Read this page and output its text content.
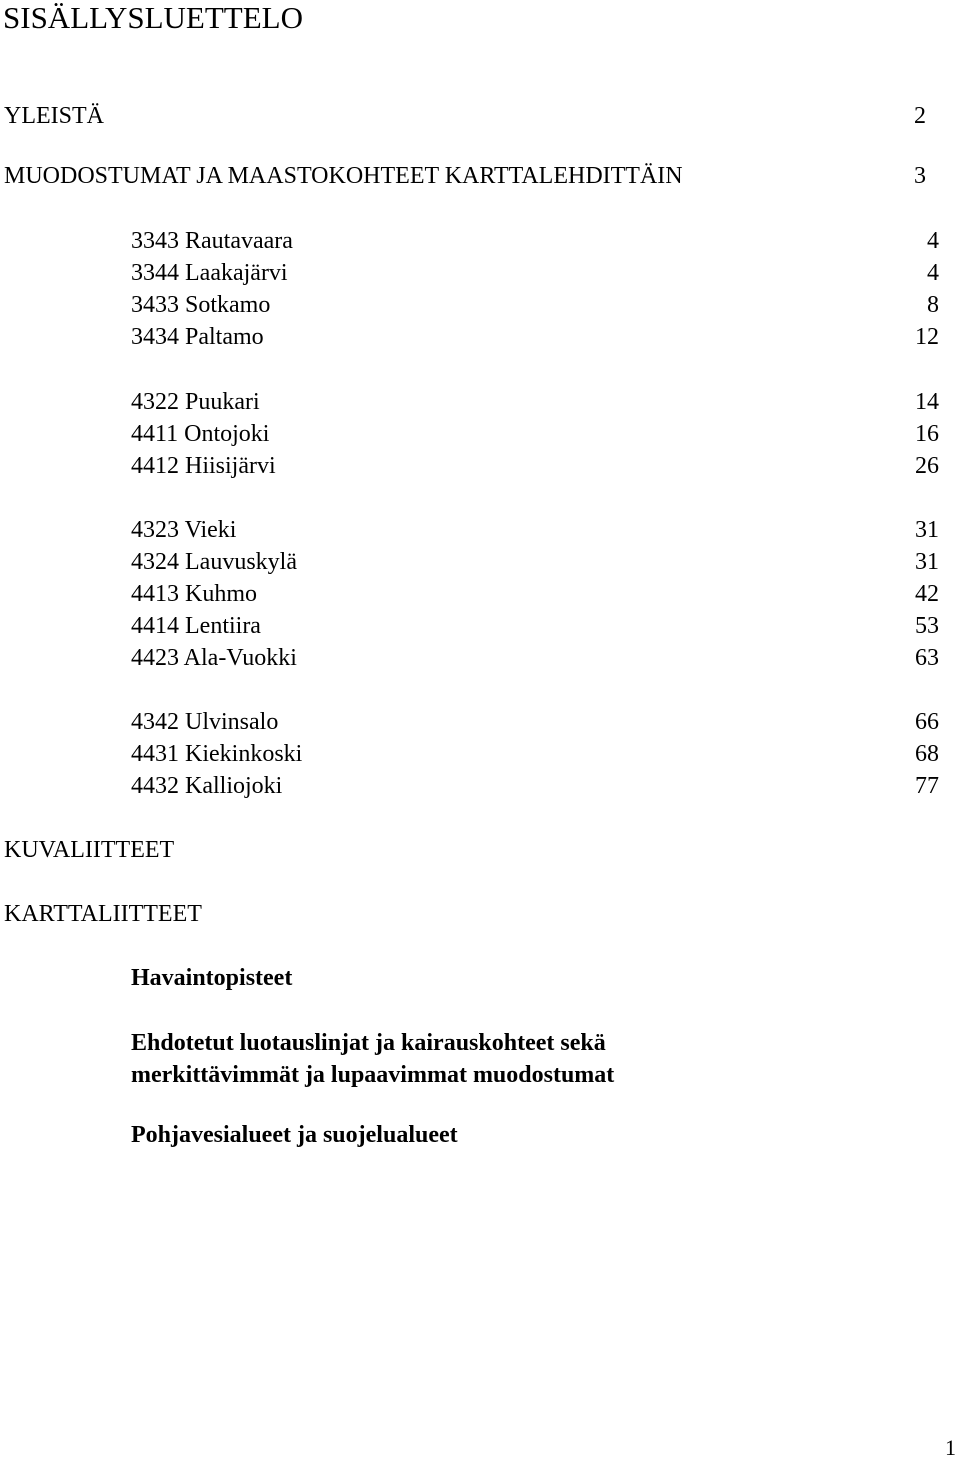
SISÄLLYSLUETTELO
YLEISTÄ	2
MUODOSTUMAT JA MAASTOKOHTEET KARTTALEHDITTÄIN	3
3343 Rautavaara	4
3344 Laakajärvi	4
3433 Sotkamo	8
3434 Paltamo	12
4322 Puukari	14
4411 Ontojoki	16
4412 Hiisijärvi	26
4323 Vieki	31
4324 Lauvuskylä	31
4413 Kuhmo	42
4414 Lentiira	53
4423 Ala-Vuokki	63
4342 Ulvinsalo	66
4431 Kiekinkoski	68
4432 Kalliojoki	77
KUVALIITTEET
KARTTALIITTEET
Havaintopisteet
Ehdotetut luotauslinjat ja kairauskohteet sekä
merkittävimmät ja lupaavimmat muodostumat
Pohjavesialueet ja suojelualueet
1
